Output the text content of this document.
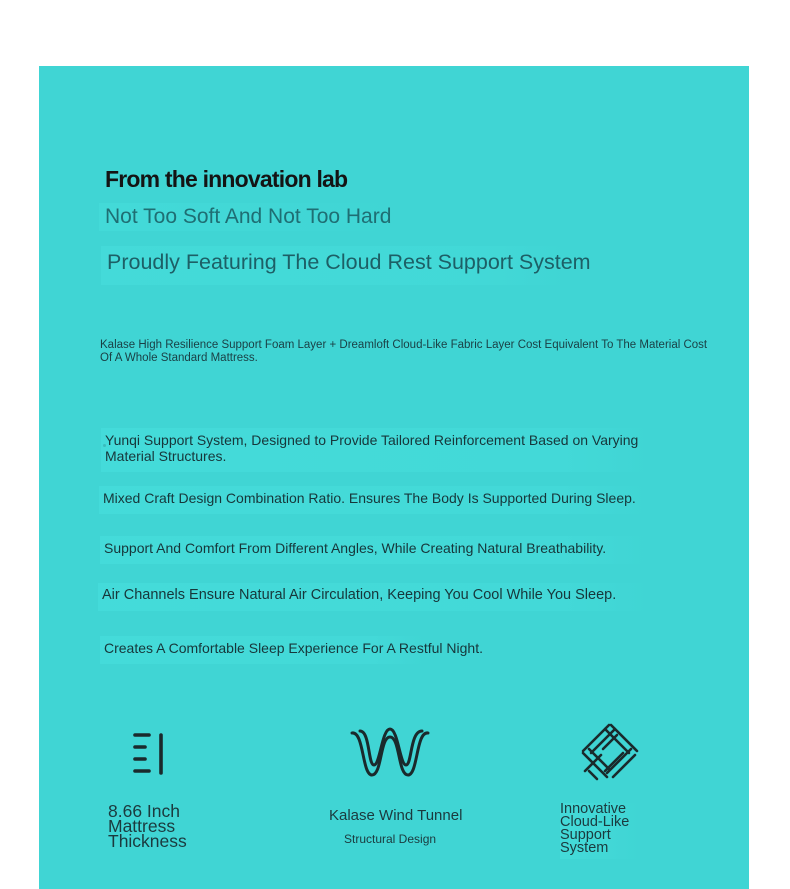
From the innovation lab
Not Too Soft And Not Too Hard
Proudly Featuring The Cloud Rest Support System
Kalase High Resilience Support Foam Layer + Dreamloft Cloud-Like Fabric Layer Cost Equivalent To The Material Cost Of A Whole Standard Mattress.
Yunqi Support System, Designed to Provide Tailored Reinforcement Based on Varying Material Structures.
Mixed Craft Design Combination Ratio. Ensures The Body Is Supported During Sleep.
Support And Comfort From Different Angles, While Creating Natural Breathability.
Air Channels Ensure Natural Air Circulation, Keeping You Cool While You Sleep.
Creates A Comfortable Sleep Experience For A Restful Night.
8.66 Inch Mattress Thickness
Kalase Wind Tunnel
Structural Design
Innovative Cloud-Like Support System
